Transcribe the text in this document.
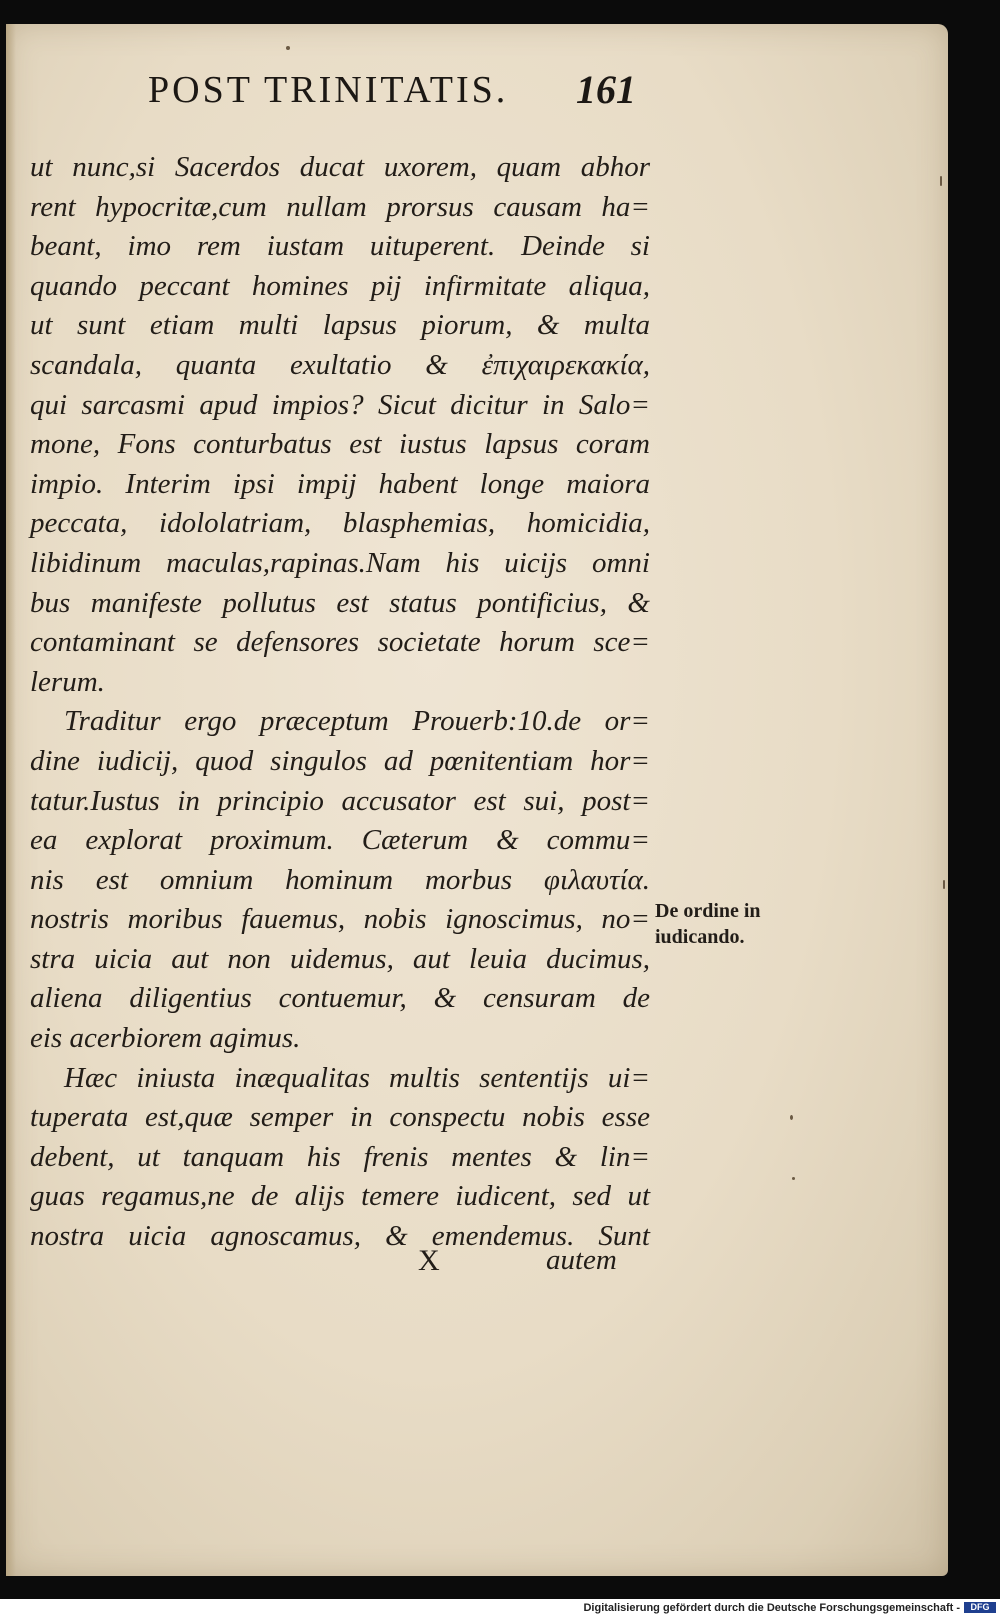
POST TRINITATIS. 161
ut nunc,si Sacerdos ducat uxorem, quam abhor
rent hypocritæ,cum nullam prorsus causam ha=
beant, imo rem iustam uituperent. Deinde si
quando peccant homines pij infirmitate aliqua,
ut sunt etiam multi lapsus piorum, & multa
scandala, quanta exultatio & ἐπιχαιρεκακία,
qui sarcasmi apud impios? Sicut dicitur in Salo=
mone, Fons conturbatus est iustus lapsus coram
impio. Interim ipsi impij habent longe maiora
peccata, idololatriam, blasphemias, homicidia,
libidinum maculas,rapinas.Nam his uicijs omni
bus manifeste pollutus est status pontificius, &
contaminant se defensores societate horum sce=
lerum.
Traditur ergo præceptum Prouerb:10.de or=
dine iudicij, quod singulos ad pœnitentiam hor=
tatur.Iustus in principio accusator est sui, post=
ea explorat proximum. Cæterum & commu=
nis est omnium hominum morbus φιλαυτία.
nostris moribus fauemus, nobis ignoscimus, no=
stra uicia aut non uidemus, aut leuia ducimus,
aliena diligentius contuemur, & censuram de
eis acerbiorem agimus.
Hæc iniusta inæqualitas multis sententijs ui=
tuperata est,quæ semper in conspectu nobis esse
debent, ut tanquam his frenis mentes & lin=
guas regamus,ne de alijs temere iudicent, sed ut
nostra uicia agnoscamus, & emendemus. Sunt
De ordine in
iudicando.
X	autem
Digitalisierung gefördert durch die Deutsche Forschungsgemeinschaft -	DFG
